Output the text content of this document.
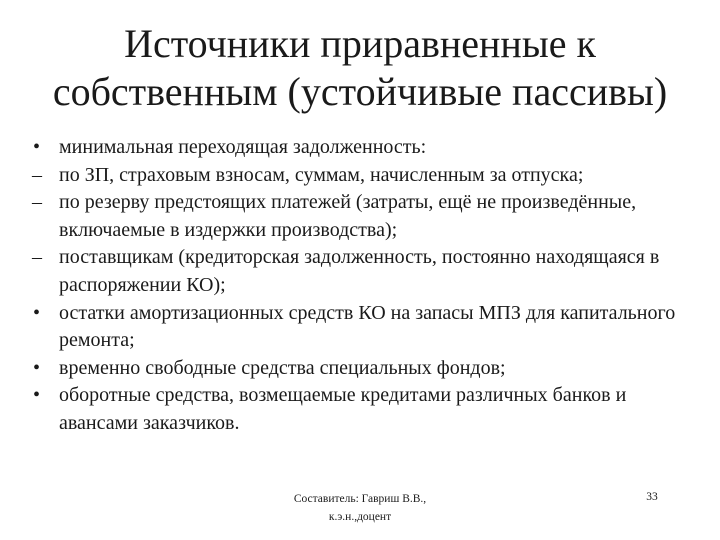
Источники приравненные к
собственным (устойчивые пассивы)
• минимальная переходящая задолженность:
– по ЗП, страховым взносам, суммам, начисленным за отпуска;
– по резерву предстоящих платежей (затраты, ещё не произведённые, включаемые в издержки производства);
– поставщикам (кредиторская задолженность, постоянно находящаяся в распоряжении КО);
• остатки амортизационных средств КО на запасы МПЗ для капитального ремонта;
• временно свободные средства специальных фондов;
• оборотные средства, возмещаемые кредитами различных банков и авансами заказчиков.
Составитель: Гавриш В.В.,
к.э.н.,доцент
33
